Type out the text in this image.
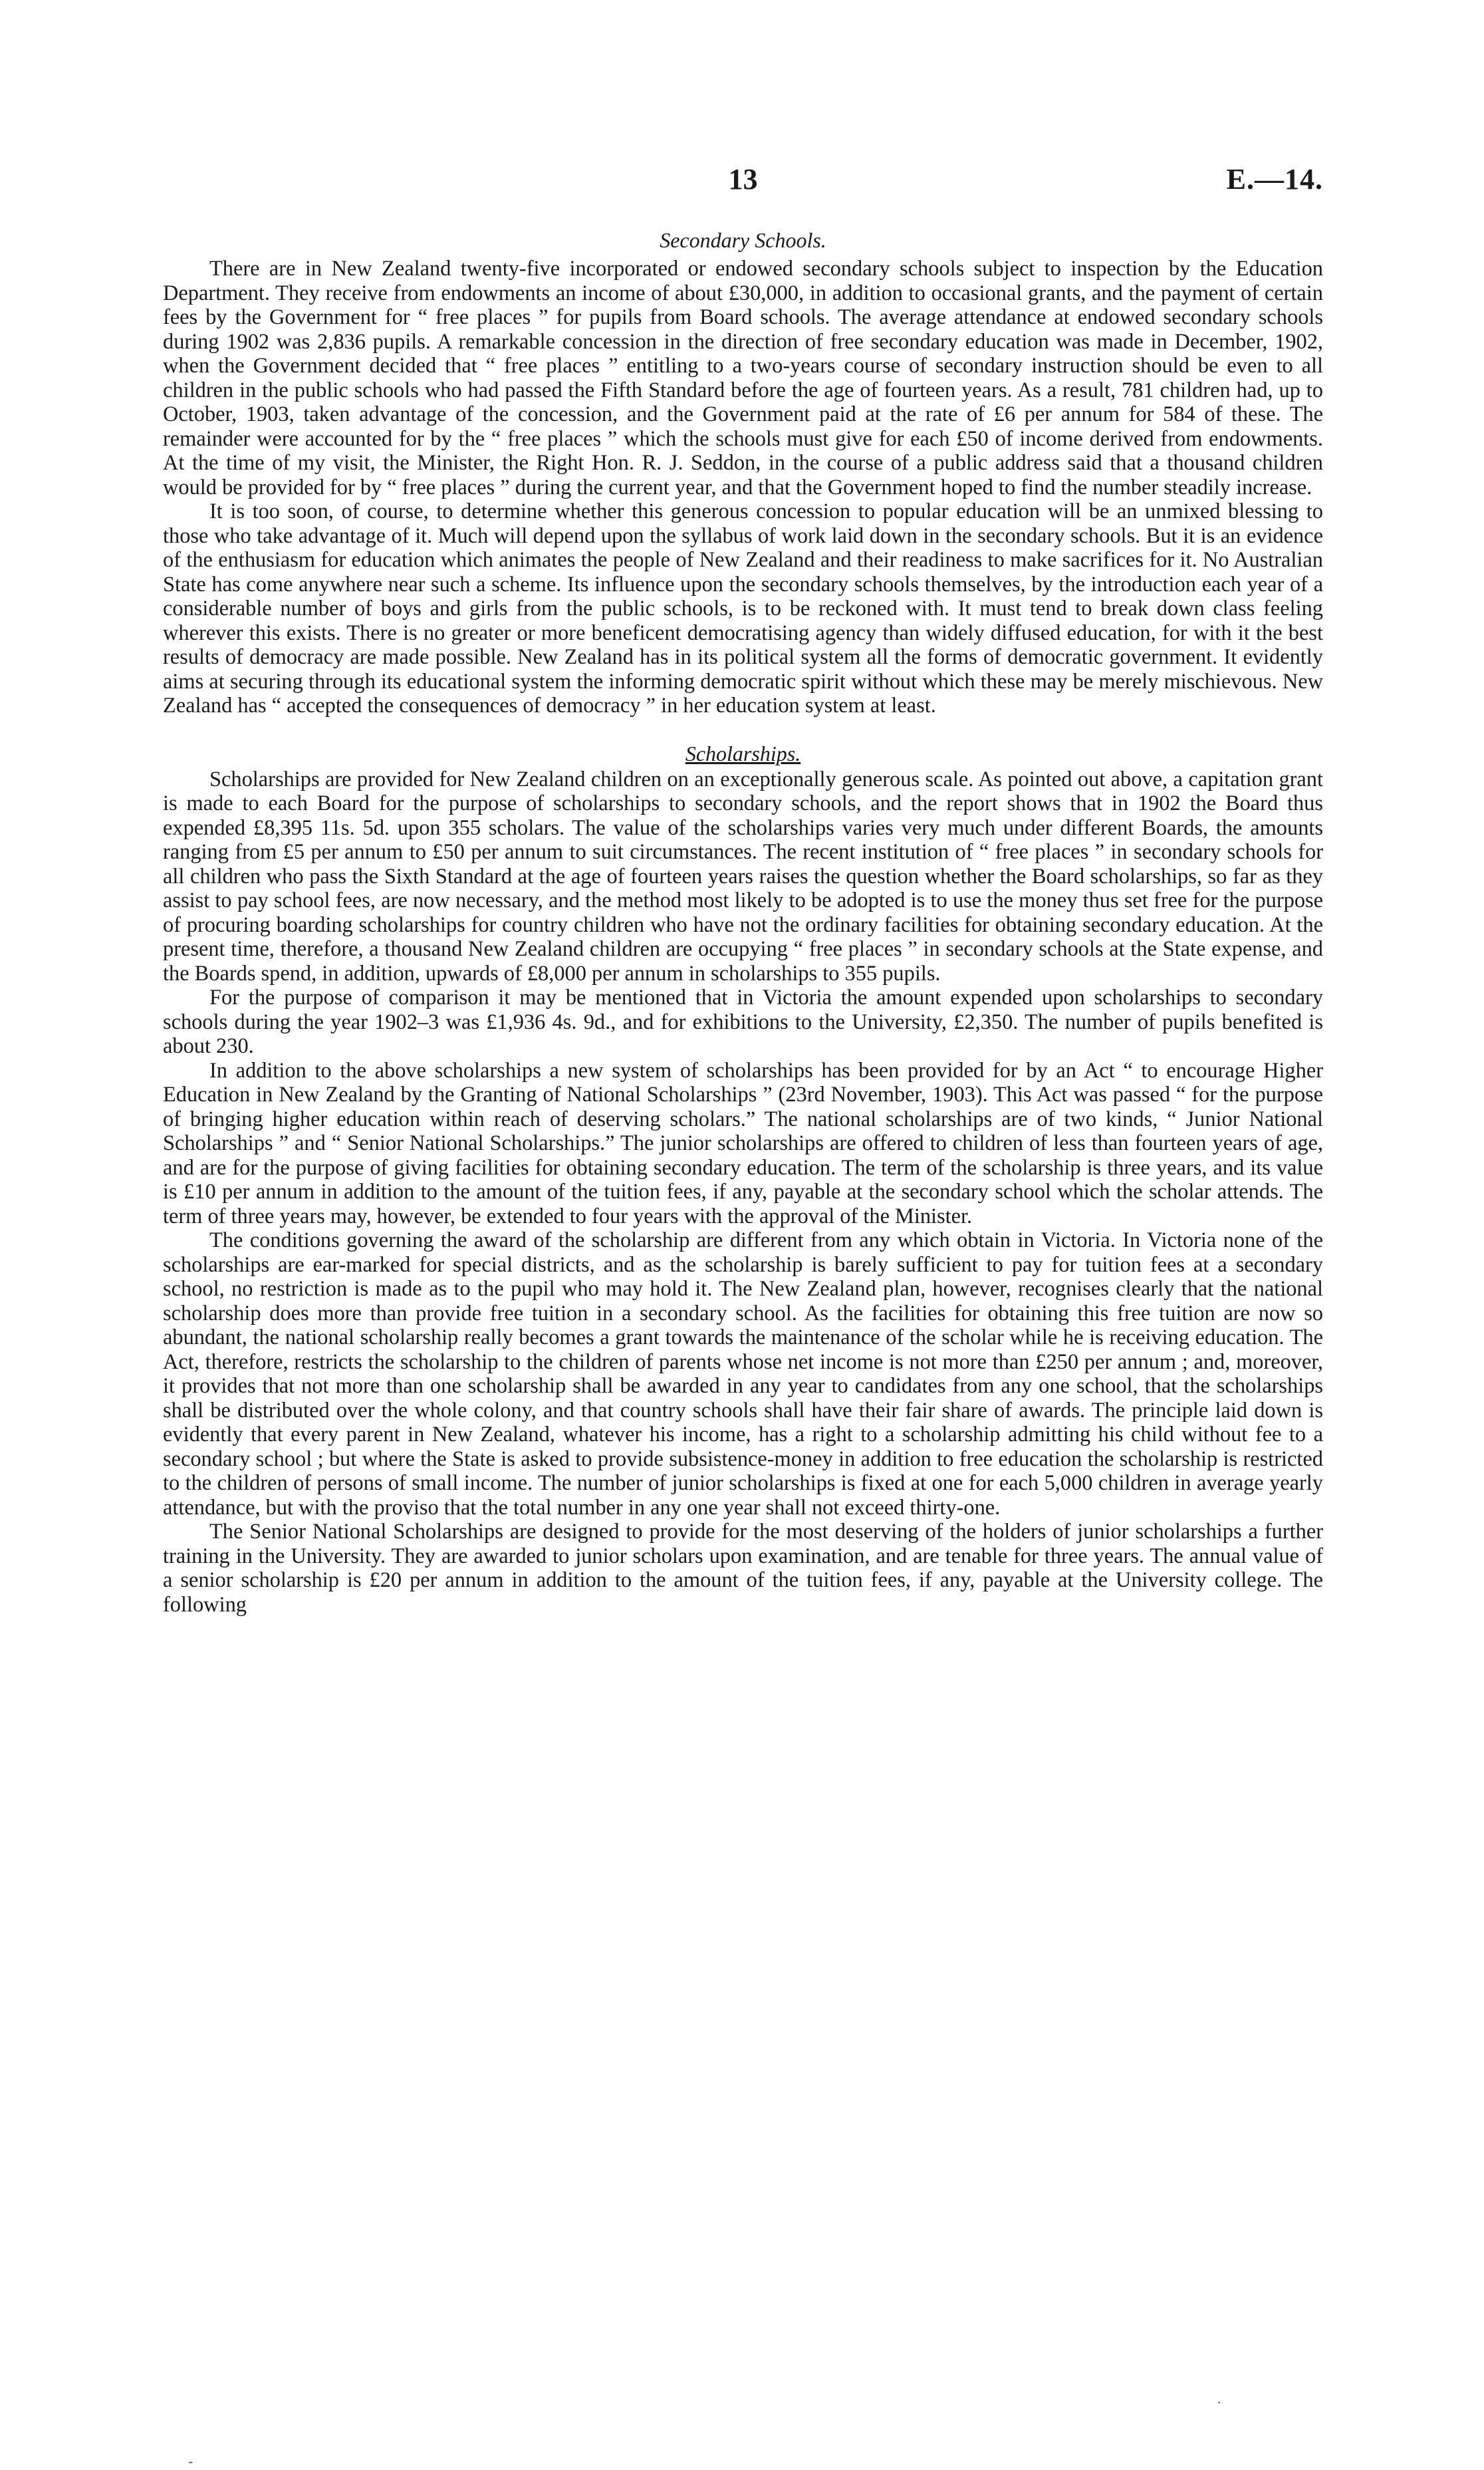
13	E.—14.
Secondary Schools.

There are in New Zealand twenty-five incorporated or endowed secondary schools subject to inspection by the Education Department. They receive from endowments an income of about £30,000, in addition to occasional grants, and the payment of certain fees by the Government for “ free places ” for pupils from Board schools. The average attendance at endowed secondary schools during 1902 was 2,836 pupils. A remarkable concession in the direction of free secondary education was made in December, 1902, when the Government decided that “ free places ” entitling to a two-years course of secondary instruction should be even to all children in the public schools who had passed the Fifth Standard before the age of fourteen years. As a result, 781 children had, up to October, 1903, taken advantage of the concession, and the Government paid at the rate of £6 per annum for 584 of these. The remainder were accounted for by the “ free places ” which the schools must give for each £50 of income derived from endowments. At the time of my visit, the Minister, the Right Hon. R. J. Seddon, in the course of a public address said that a thousand children would be provided for by “ free places ” during the current year, and that the Government hoped to find the number steadily increase.

It is too soon, of course, to determine whether this generous concession to popular education will be an unmixed blessing to those who take advantage of it. Much will depend upon the syllabus of work laid down in the secondary schools. But it is an evidence of the enthusiasm for education which animates the people of New Zealand and their readiness to make sacrifices for it. No Australian State has come anywhere near such a scheme. Its influence upon the secondary schools themselves, by the introduction each year of a considerable number of boys and girls from the public schools, is to be reckoned with. It must tend to break down class feeling wherever this exists. There is no greater or more beneficent democratising agency than widely diffused education, for with it the best results of democracy are made possible. New Zealand has in its political system all the forms of democratic government. It evidently aims at securing through its educational system the informing democratic spirit without which these may be merely mischievous. New Zealand has “ accepted the consequences of democracy ” in her education system at least.

Scholarships.

Scholarships are provided for New Zealand children on an exceptionally generous scale. As pointed out above, a capitation grant is made to each Board for the purpose of scholarships to secondary schools, and the report shows that in 1902 the Board thus expended £8,395 11s. 5d. upon 355 scholars. The value of the scholarships varies very much under different Boards, the amounts ranging from £5 per annum to £50 per annum to suit circumstances. The recent institution of “ free places ” in secondary schools for all children who pass the Sixth Standard at the age of fourteen years raises the question whether the Board scholarships, so far as they assist to pay school fees, are now necessary, and the method most likely to be adopted is to use the money thus set free for the purpose of procuring boarding scholarships for country children who have not the ordinary facilities for obtaining secondary education. At the present time, therefore, a thousand New Zealand children are occupying “ free places ” in secondary schools at the State expense, and the Boards spend, in addition, upwards of £8,000 per annum in scholarships to 355 pupils.

For the purpose of comparison it may be mentioned that in Victoria the amount expended upon scholarships to secondary schools during the year 1902–3 was £1,936 4s. 9d., and for exhibitions to the University, £2,350. The number of pupils benefited is about 230.

In addition to the above scholarships a new system of scholarships has been provided for by an Act “ to encourage Higher Education in New Zealand by the Granting of National Scholarships ” (23rd November, 1903). This Act was passed “ for the purpose of bringing higher education within reach of deserving scholars.” The national scholarships are of two kinds, “ Junior National Scholarships ” and “ Senior National Scholarships.” The junior scholarships are offered to children of less than fourteen years of age, and are for the purpose of giving facilities for obtaining secondary education. The term of the scholarship is three years, and its value is £10 per annum in addition to the amount of the tuition fees, if any, payable at the secondary school which the scholar attends. The term of three years may, however, be extended to four years with the approval of the Minister.

The conditions governing the award of the scholarship are different from any which obtain in Victoria. In Victoria none of the scholarships are ear-marked for special districts, and as the scholarship is barely sufficient to pay for tuition fees at a secondary school, no restriction is made as to the pupil who may hold it. The New Zealand plan, however, recognises clearly that the national scholarship does more than provide free tuition in a secondary school. As the facilities for obtaining this free tuition are now so abundant, the national scholarship really becomes a grant towards the maintenance of the scholar while he is receiving education. The Act, therefore, restricts the scholarship to the children of parents whose net income is not more than £250 per annum ; and, moreover, it provides that not more than one scholarship shall be awarded in any year to candidates from any one school, that the scholarships shall be distributed over the whole colony, and that country schools shall have their fair share of awards. The principle laid down is evidently that every parent in New Zealand, whatever his income, has a right to a scholarship admitting his child without fee to a secondary school ; but where the State is asked to provide subsistence-money in addition to free education the scholarship is restricted to the children of persons of small income. The number of junior scholarships is fixed at one for each 5,000 children in average yearly attendance, but with the proviso that the total number in any one year shall not exceed thirty-one.

The Senior National Scholarships are designed to provide for the most deserving of the holders of junior scholarships a further training in the University. They are awarded to junior scholars upon examination, and are tenable for three years. The annual value of a senior scholarship is £20 per annum in addition to the amount of the tuition fees, if any, payable at the University college. The following

·
-
